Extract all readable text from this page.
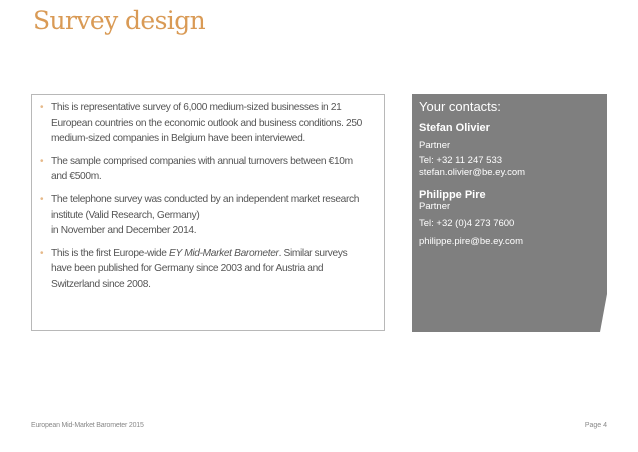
Survey design
• This is representative survey of 6,000 medium-sized businesses in 21
European countries on the economic outlook and business conditions. 250
medium-sized companies in Belgium have been interviewed.
• The sample comprised companies with annual turnovers between €10m
and €500m.
• The telephone survey was conducted by an independent market research
institute (Valid Research, Germany)
in November and December 2014.
• This is the first Europe-wide EY Mid-Market Barometer. Similar surveys
have been published for Germany since 2003 and for Austria and
Switzerland since 2008.
Your contacts:
Stefan Olivier
Partner
Tel: +32 11 247 533
stefan.olivier@be.ey.com
Philippe Pire
Partner
Tel: +32 (0)4 273 7600
philippe.pire@be.ey.com
European Mid-Market Barometer 2015	Page 4
